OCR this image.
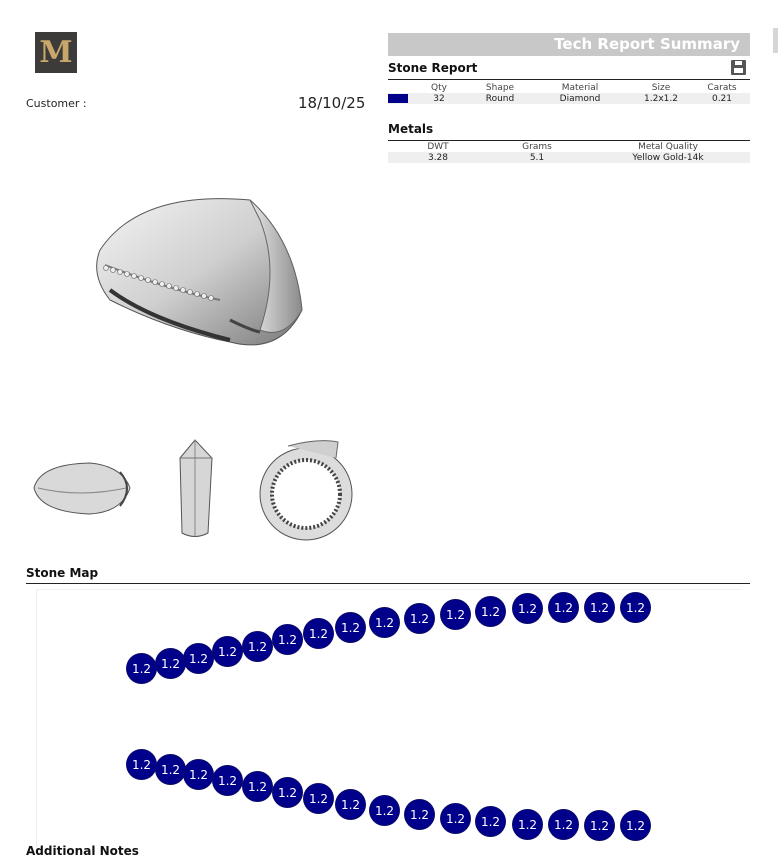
M
Customer :	18/10/25
Tech Report Summary
Stone Report
	Qty	Shape	Material	Size	Carats
	32	Round	Diamond	1.2x1.2	0.21
Metals
DWT	Grams	Metal Quality
3.28	5.1	Yellow Gold-14k
Stone Map
1.2 1.2 1.2 1.2 1.2 1.2 1.2	1.2	1.2	1.2	1.2	1.2	1.2	1.2	1.2	1.2
1.2 1.2 1.2 1.2 1.2 1.2 1.2	1.2	1.2	1.2	1.2	1.2	1.2	1.2	1.2	1.2
Additional Notes
